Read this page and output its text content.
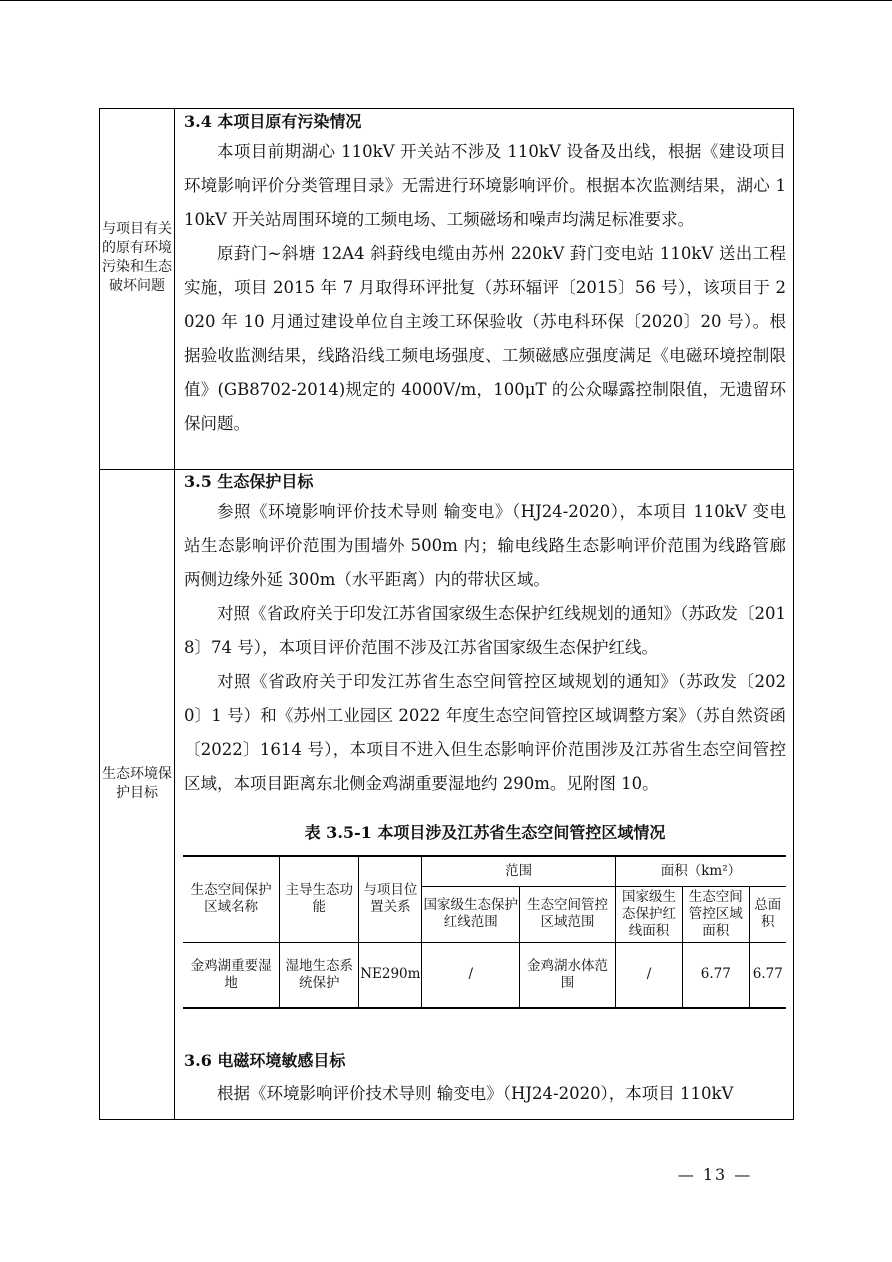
与项目有关的原有环境污染和生态破坏问题

3.4 本项目原有污染情况

本项目前期湖心 110kV 开关站不涉及 110kV 设备及出线，根据《建设项目环境影响评价分类管理目录》无需进行环境影响评价。根据本次监测结果，湖心 110kV 开关站周围环境的工频电场、工频磁场和噪声均满足标准要求。

原葑门~斜塘 12A4 斜葑线电缆由苏州 220kV 葑门变电站 110kV 送出工程实施，项目 2015 年 7 月取得环评批复（苏环辐评〔2015〕56 号），该项目于 2020 年 10 月通过建设单位自主竣工环保验收（苏电科环保〔2020〕20 号）。根据验收监测结果，线路沿线工频电场强度、工频磁感应强度满足《电磁环境控制限值》(GB8702-2014)规定的 4000V/m，100μT 的公众曝露控制限值，无遗留环保问题。

生态环境保护目标

3.5 生态保护目标

参照《环境影响评价技术导则 输变电》（HJ24-2020），本项目 110kV 变电站生态影响评价范围为围墙外 500m 内；输电线路生态影响评价范围为线路管廊两侧边缘外延 300m（水平距离）内的带状区域。

对照《省政府关于印发江苏省国家级生态保护红线规划的通知》（苏政发〔2018〕74 号），本项目评价范围不涉及江苏省国家级生态保护红线。

对照《省政府关于印发江苏省生态空间管控区域规划的通知》（苏政发〔2020〕1 号）和《苏州工业园区 2022 年度生态空间管控区域调整方案》（苏自然资函〔2022〕1614 号），本项目不进入但生态影响评价范围涉及江苏省生态空间管控区域，本项目距离东北侧金鸡湖重要湿地约 290m。见附图 10。

表 3.5-1 本项目涉及江苏省生态空间管控区域情况
生态空间保护区域名称	主导生态功能	与项目位置关系	范围		面积（km²）		
			国家级生态保护红线范围	生态空间管控区域范围	国家级生态保护红线面积	生态空间管控区域面积	总面积
金鸡湖重要湿地	湿地生态系统保护	NE290m	/	金鸡湖水体范围	/	6.77	6.77

3.6 电磁环境敏感目标

根据《环境影响评价技术导则 输变电》（HJ24-2020），本项目 110kV

— 13 —
